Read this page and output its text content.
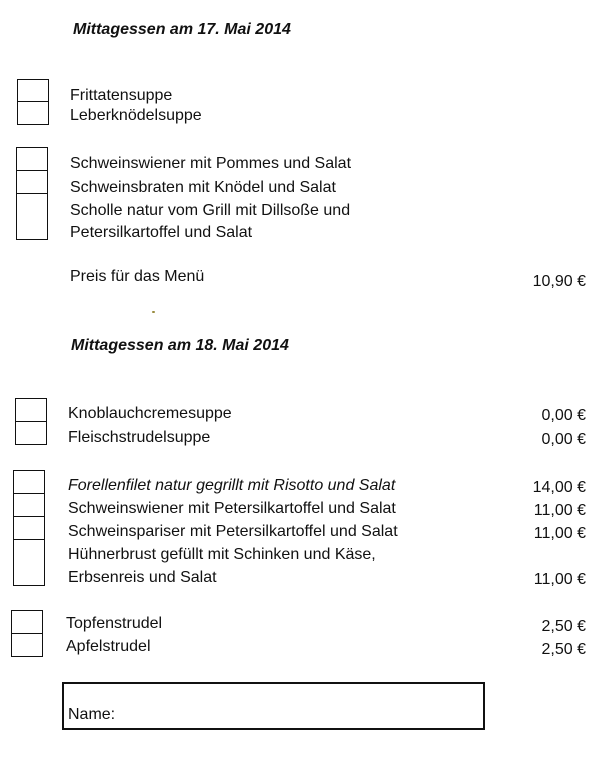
Mittagessen am 17. Mai 2014
Frittatensuppe
Leberknödelsuppe
Schweinswiener mit Pommes und Salat
Schweinsbraten mit Knödel und Salat
Scholle natur vom Grill mit Dillsoße und
Petersilkartoffel und Salat
Preis für das Menü	10,90 €
Mittagessen am 18. Mai 2014
Knoblauchcremesuppe
Fleischstrudelsuppe
0,00 €
0,00 €
Forellenfilet natur gegrillt mit Risotto und Salat
Schweinswiener mit Petersilkartoffel und Salat
Schweinspariser mit Petersilkartoffel und Salat
Hühnerbrust gefüllt mit Schinken und Käse,
Erbsenreis und Salat
14,00 €
11,00 €
11,00 €
11,00 €
Topfenstrudel
Apfelstrudel
2,50 €
2,50 €
Name:
